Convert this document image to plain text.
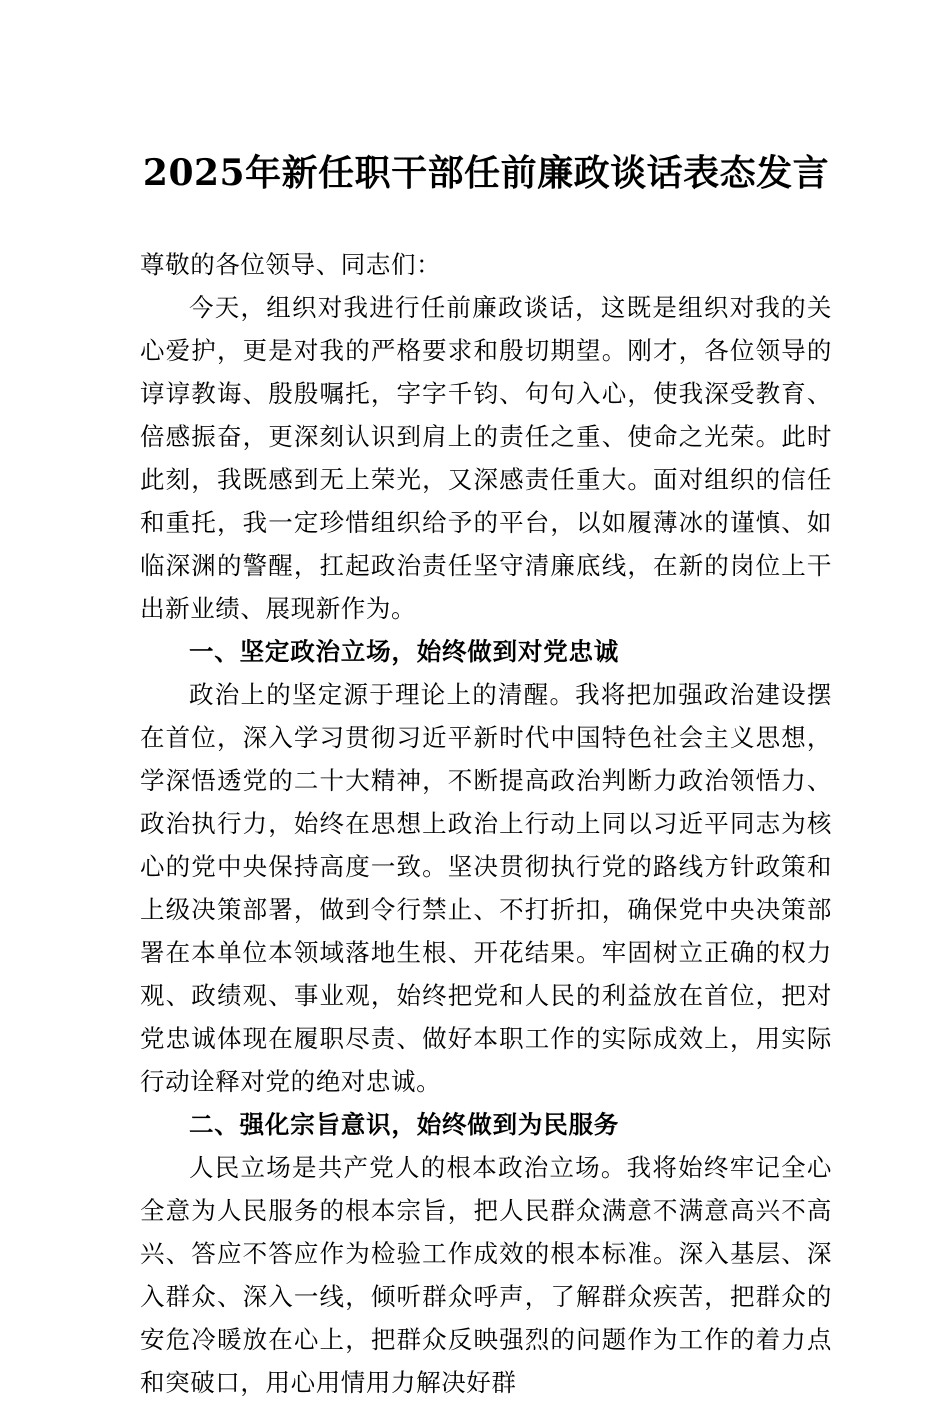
2025年新任职干部任前廉政谈话表态发言

尊敬的各位领导、同志们：

今天，组织对我进行任前廉政谈话，这既是组织对我的关心爱护，更是对我的严格要求和殷切期望。刚才，各位领导的谆谆教诲、殷殷嘱托，字字千钧、句句入心，使我深受教育、倍感振奋，更深刻认识到肩上的责任之重、使命之光荣。此时此刻，我既感到无上荣光，又深感责任重大。面对组织的信任和重托，我一定珍惜组织给予的平台，以如履薄冰的谨慎、如临深渊的警醒，扛起政治责任坚守清廉底线，在新的岗位上干出新业绩、展现新作为。

一、坚定政治立场，始终做到对党忠诚

政治上的坚定源于理论上的清醒。我将把加强政治建设摆在首位，深入学习贯彻习近平新时代中国特色社会主义思想，学深悟透党的二十大精神，不断提高政治判断力政治领悟力、政治执行力，始终在思想上政治上行动上同以习近平同志为核心的党中央保持高度一致。坚决贯彻执行党的路线方针政策和上级决策部署，做到令行禁止、不打折扣，确保党中央决策部署在本单位本领域落地生根、开花结果。牢固树立正确的权力观、政绩观、事业观，始终把党和人民的利益放在首位，把对党忠诚体现在履职尽责、做好本职工作的实际成效上，用实际行动诠释对党的绝对忠诚。

二、强化宗旨意识，始终做到为民服务

人民立场是共产党人的根本政治立场。我将始终牢记全心全意为人民服务的根本宗旨，把人民群众满意不满意高兴不高兴、答应不答应作为检验工作成效的根本标准。深入基层、深入群众、深入一线，倾听群众呼声，了解群众疾苦，把群众的安危冷暖放在心上，把群众反映强烈的问题作为工作的着力点和突破口，用心用情用力解决好群
